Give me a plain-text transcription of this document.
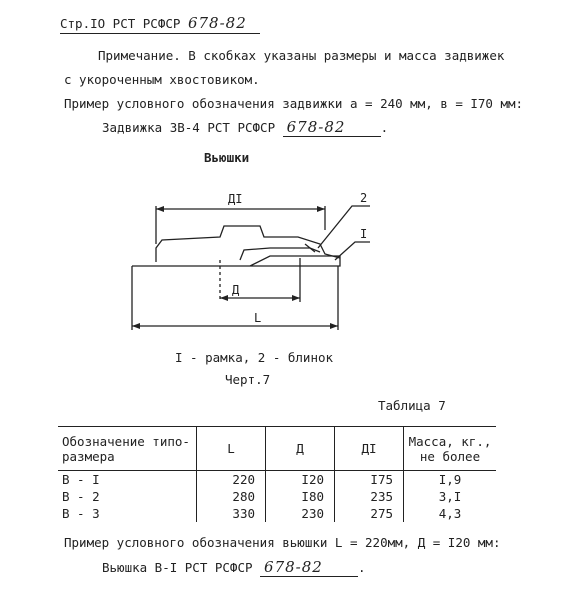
Стр.IO РСТ РСФСР 678-82
Примечание. В скобках указаны размеры и масса задвижек
с укороченным хвостовиком.
Пример условного обозначения задвижки а = 240 мм, в = I70 мм:
Задвижка ЗВ-4 РСТ РСФСР 678-82	.
Вьюшки
ДI
Д
L
2
I
I - рамка, 2 - блинок
Черт.7
Таблица 7
Обозначение типо-
размера	L	Д	ДI	Масса, кг.,
не более
В - I	220	I20	I75	I,9
В - 2	280	I80	235	3,I
В - 3	330	230	275	4,3
Пример условного обозначения вьюшки L = 220мм, Д = I20 мм:
Вьюшка В-I РСТ РСФСР 678-82	.
